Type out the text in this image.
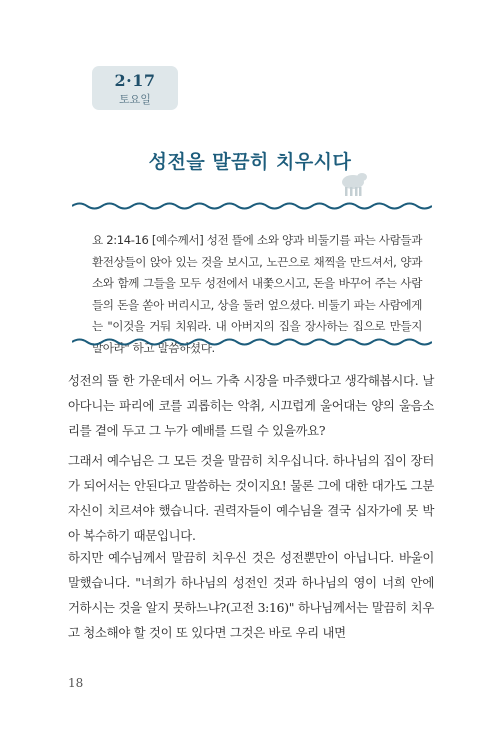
2·17
토요일
성전을 말끔히 치우시다
요 2:14-16 [예수께서] 성전 뜰에 소와 양과 비둘기를 파는 사람들과 환전상들이 앉아 있는 것을 보시고, 노끈으로 채찍을 만드셔서, 양과 소와 함께 그들을 모두 성전에서 내쫓으시고, 돈을 바꾸어 주는 사람들의 돈을 쏟아 버리시고, 상을 둘러 엎으셨다. 비둘기 파는 사람에게는 "이것을 거둬 치워라. 내 아버지의 집을 장사하는 집으로 만들지 말아라" 하고 말씀하셨다.

성전의 뜰 한 가운데서 어느 가축 시장을 마주했다고 생각해봅시다. 날아다니는 파리에 코를 괴롭히는 악취, 시끄럽게 울어대는 양의 울음소리를 곁에 두고 그 누가 예배를 드릴 수 있을까요?

그래서 예수님은 그 모든 것을 말끔히 치우십니다. 하나님의 집이 장터가 되어서는 안된다고 말씀하는 것이지요! 물론 그에 대한 대가도 그분 자신이 치르셔야 했습니다. 권력자들이 예수님을 결국 십자가에 못 박아 복수하기 때문입니다.

하지만 예수님께서 말끔히 치우신 것은 성전뿐만이 아닙니다. 바울이 말했습니다. "너희가 하나님의 성전인 것과 하나님의 영이 너희 안에 거하시는 것을 알지 못하느냐?(고전 3:16)" 하나님께서는 말끔히 치우고 청소해야 할 것이 또 있다면 그것은 바로 우리 내면

18
